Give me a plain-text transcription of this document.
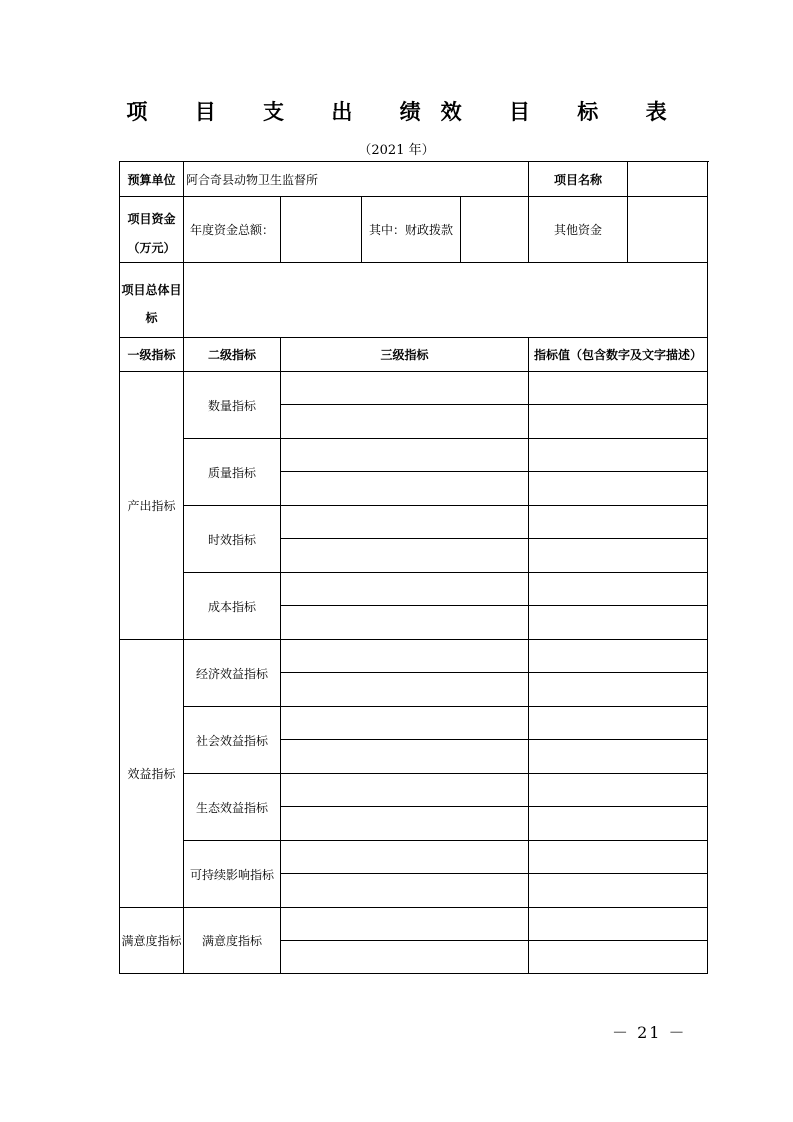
项 目 支 出 绩效 目 标 表
（2021 年）
预算单位	阿合奇县动物卫生监督所				项目名称	

项目资金
（万元）	年度资金总额：		其中：财政拨款		其他资金	

项目总体目
标						

一级指标	二级指标	三级指标			指标值（包含数字及文字描述）	
产出指标	数量指标					

	质量指标					

	时效指标					

	成本指标					

效益指标	经济效益指标					

	社会效益指标					

	生态效益指标					

	可持续影响指标					

满意度指标	满意度指标					

－ 21 －
